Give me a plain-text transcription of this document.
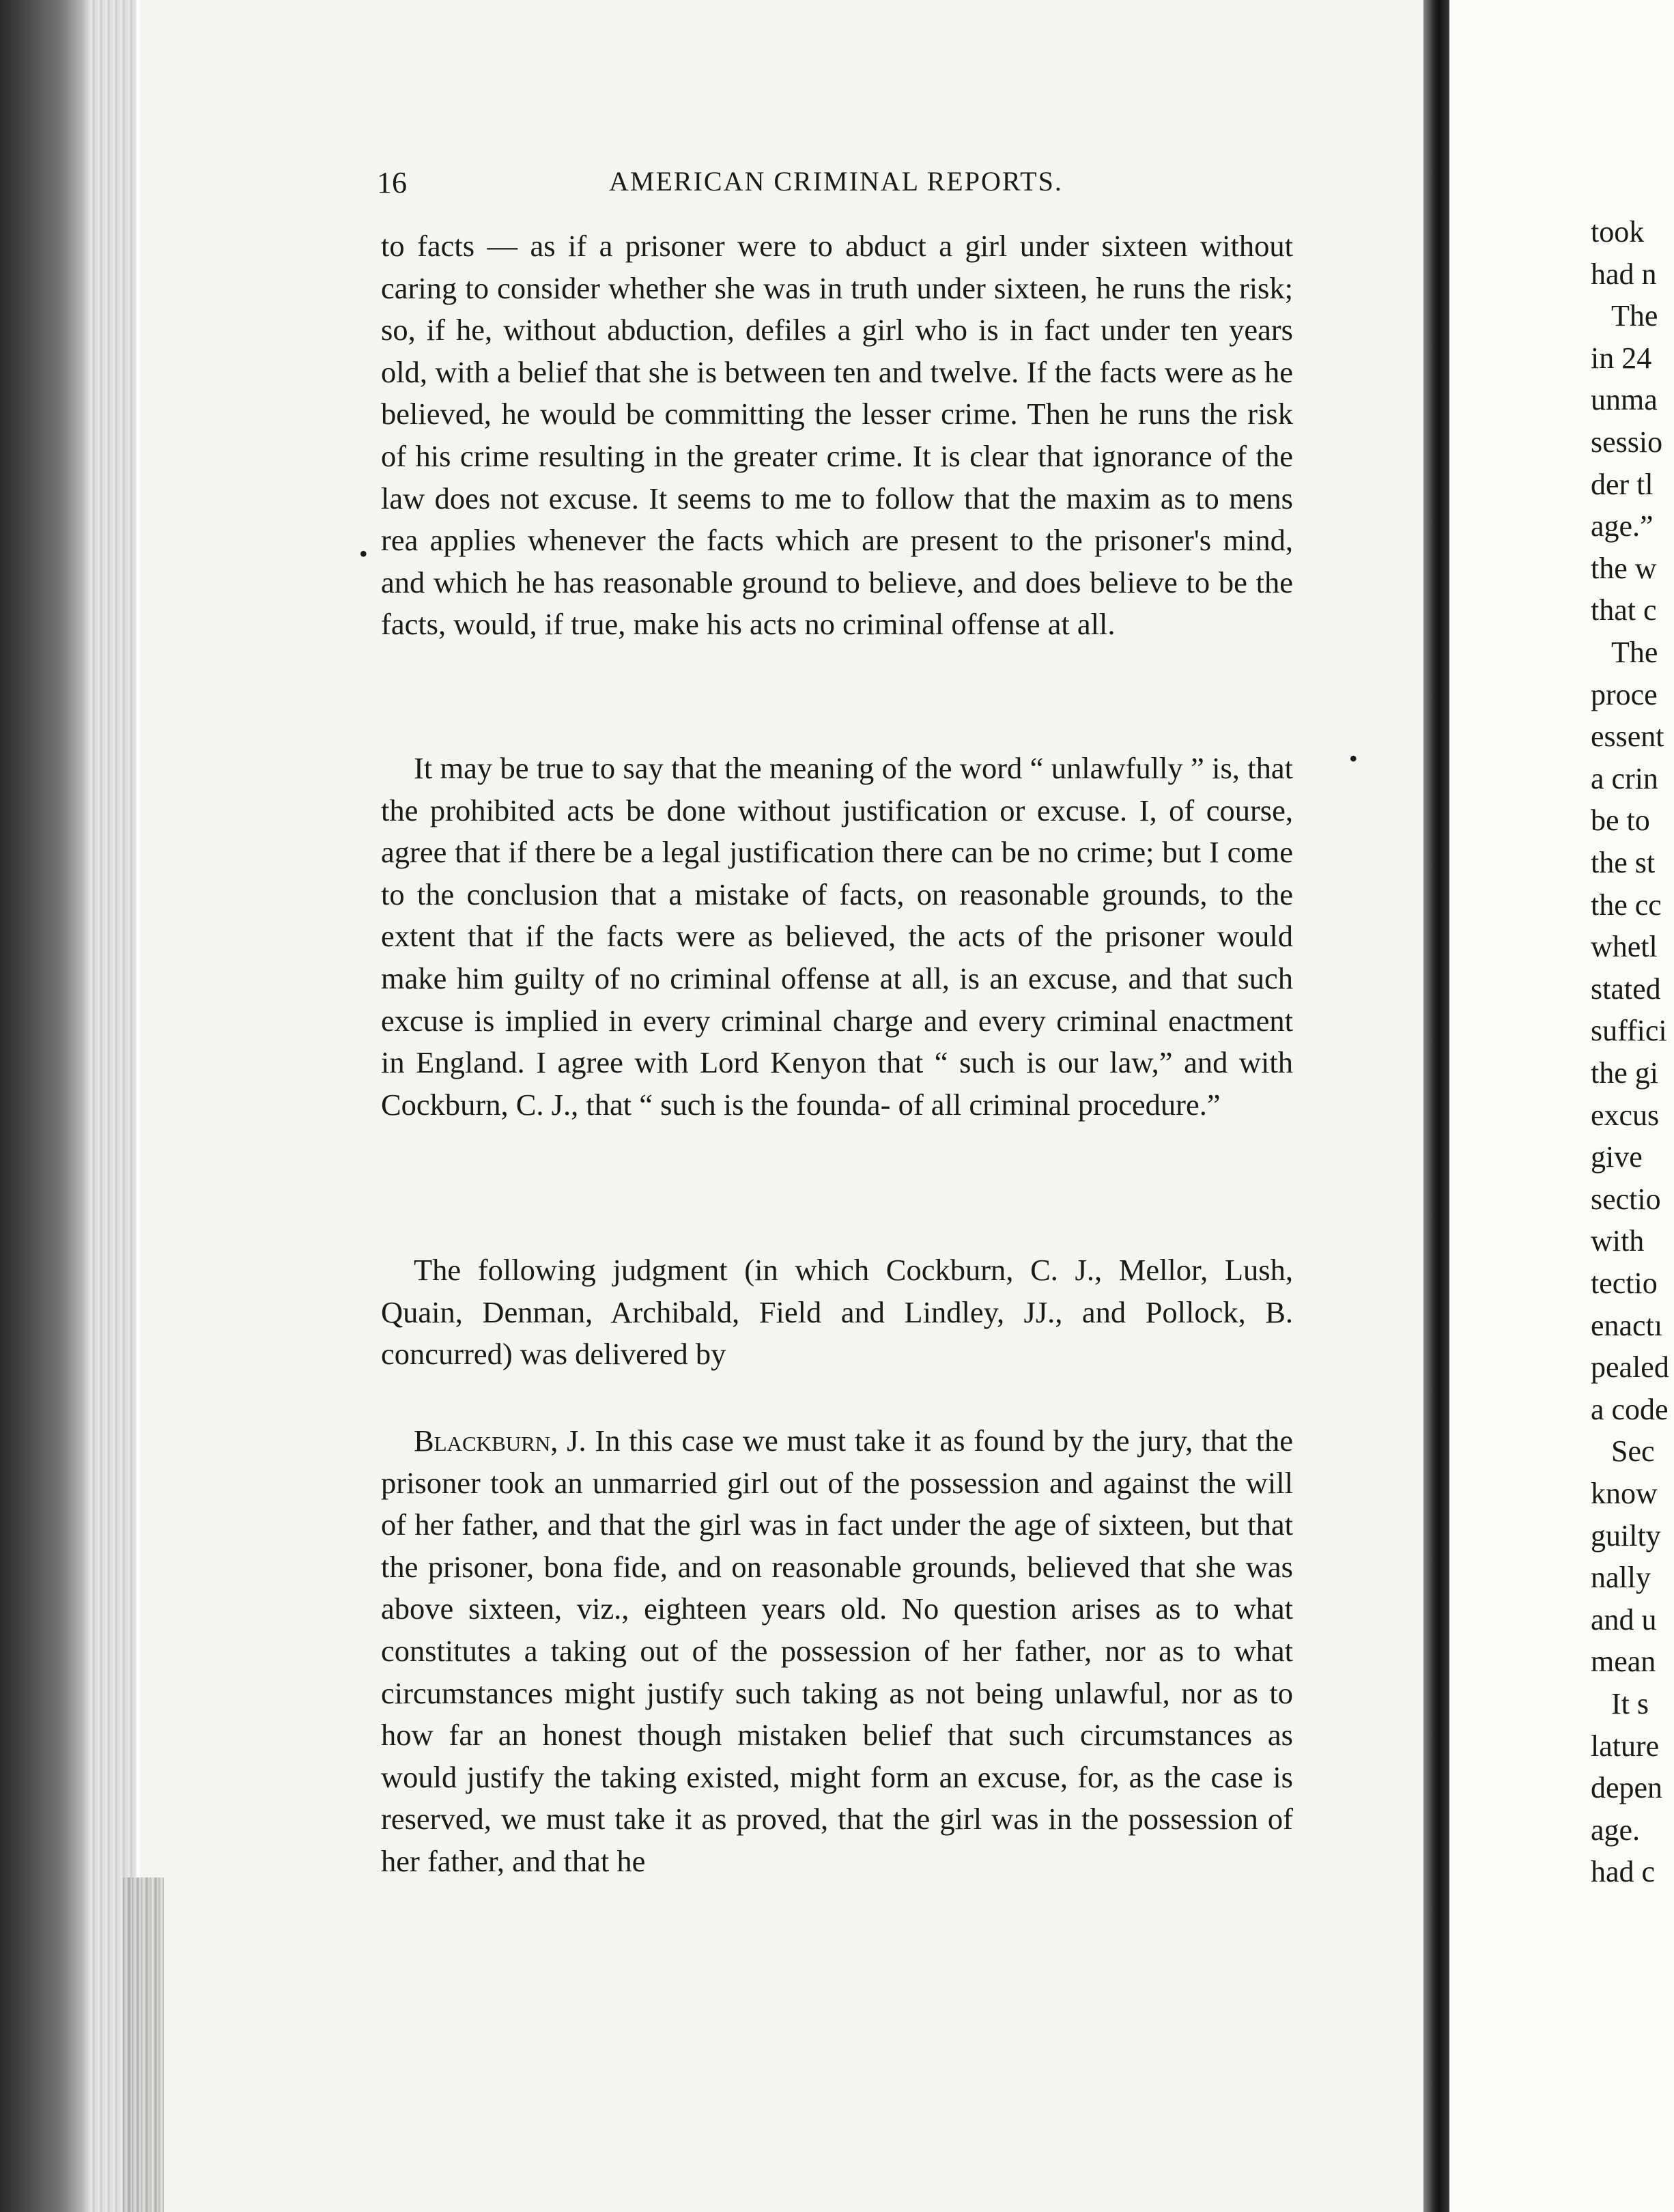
16	AMERICAN CRIMINAL REPORTS.

to facts — as if a prisoner were to abduct a girl under sixteen without caring to consider whether she was in truth under sixteen, he runs the risk; so, if he, without abduction, defiles a girl who is in fact under ten years old, with a belief that she is between ten and twelve. If the facts were as he believed, he would be committing the lesser crime. Then he runs the risk of his crime resulting in the greater crime. It is clear that ignorance of the law does not excuse. It seems to me to follow that the maxim as to mens rea applies whenever the facts which are present to the prisoner's mind, and which he has reasonable ground to believe, and does believe to be the facts, would, if true, make his acts no criminal offense at all.

•

It may be true to say that the meaning of the word “ unlawfully ” is, that the prohibited acts be done without justification or excuse. I, of course, agree that if there be a legal justification there can be no crime; but I come to the conclusion that a mistake of facts, on reasonable grounds, to the extent that if the facts were as believed, the acts of the prisoner would make him guilty of no criminal offense at all, is an excuse, and that such excuse is implied in every criminal charge and every criminal enactment in England. I agree with Lord Kenyon that “ such is our law,” and with Cockburn, C. J., that “ such is the founda- of all criminal procedure.”

•

The following judgment (in which Cockburn, C. J., Mellor, Lush, Quain, Denman, Archibald, Field and Lindley, JJ., and Pollock, B. concurred) was delivered by

Blackburn, J. In this case we must take it as found by the jury, that the prisoner took an unmarried girl out of the possession and against the will of her father, and that the girl was in fact under the age of sixteen, but that the prisoner, bona fide, and on reasonable grounds, believed that she was above sixteen, viz., eighteen years old. No question arises as to what constitutes a taking out of the possession of her father, nor as to what circumstances might justify such taking as not being unlawful, nor as to how far an honest though mistaken belief that such circumstances as would justify the taking existed, might form an excuse, for, as the case is reserved, we must take it as proved, that the girl was in the possession of her father, and that he

took
had n
The
in 24
unma
sessio
der tl
age.”
the w
that c
The
proce
essent
a crin
be to
the st
the cc
whetl
stated
suffici
the gi
excus
give
sectio
with
tectio
enactı
pealed
a code
Sec
know
guilty
nally
and u
mean
It s
lature
depen
age.
had c
